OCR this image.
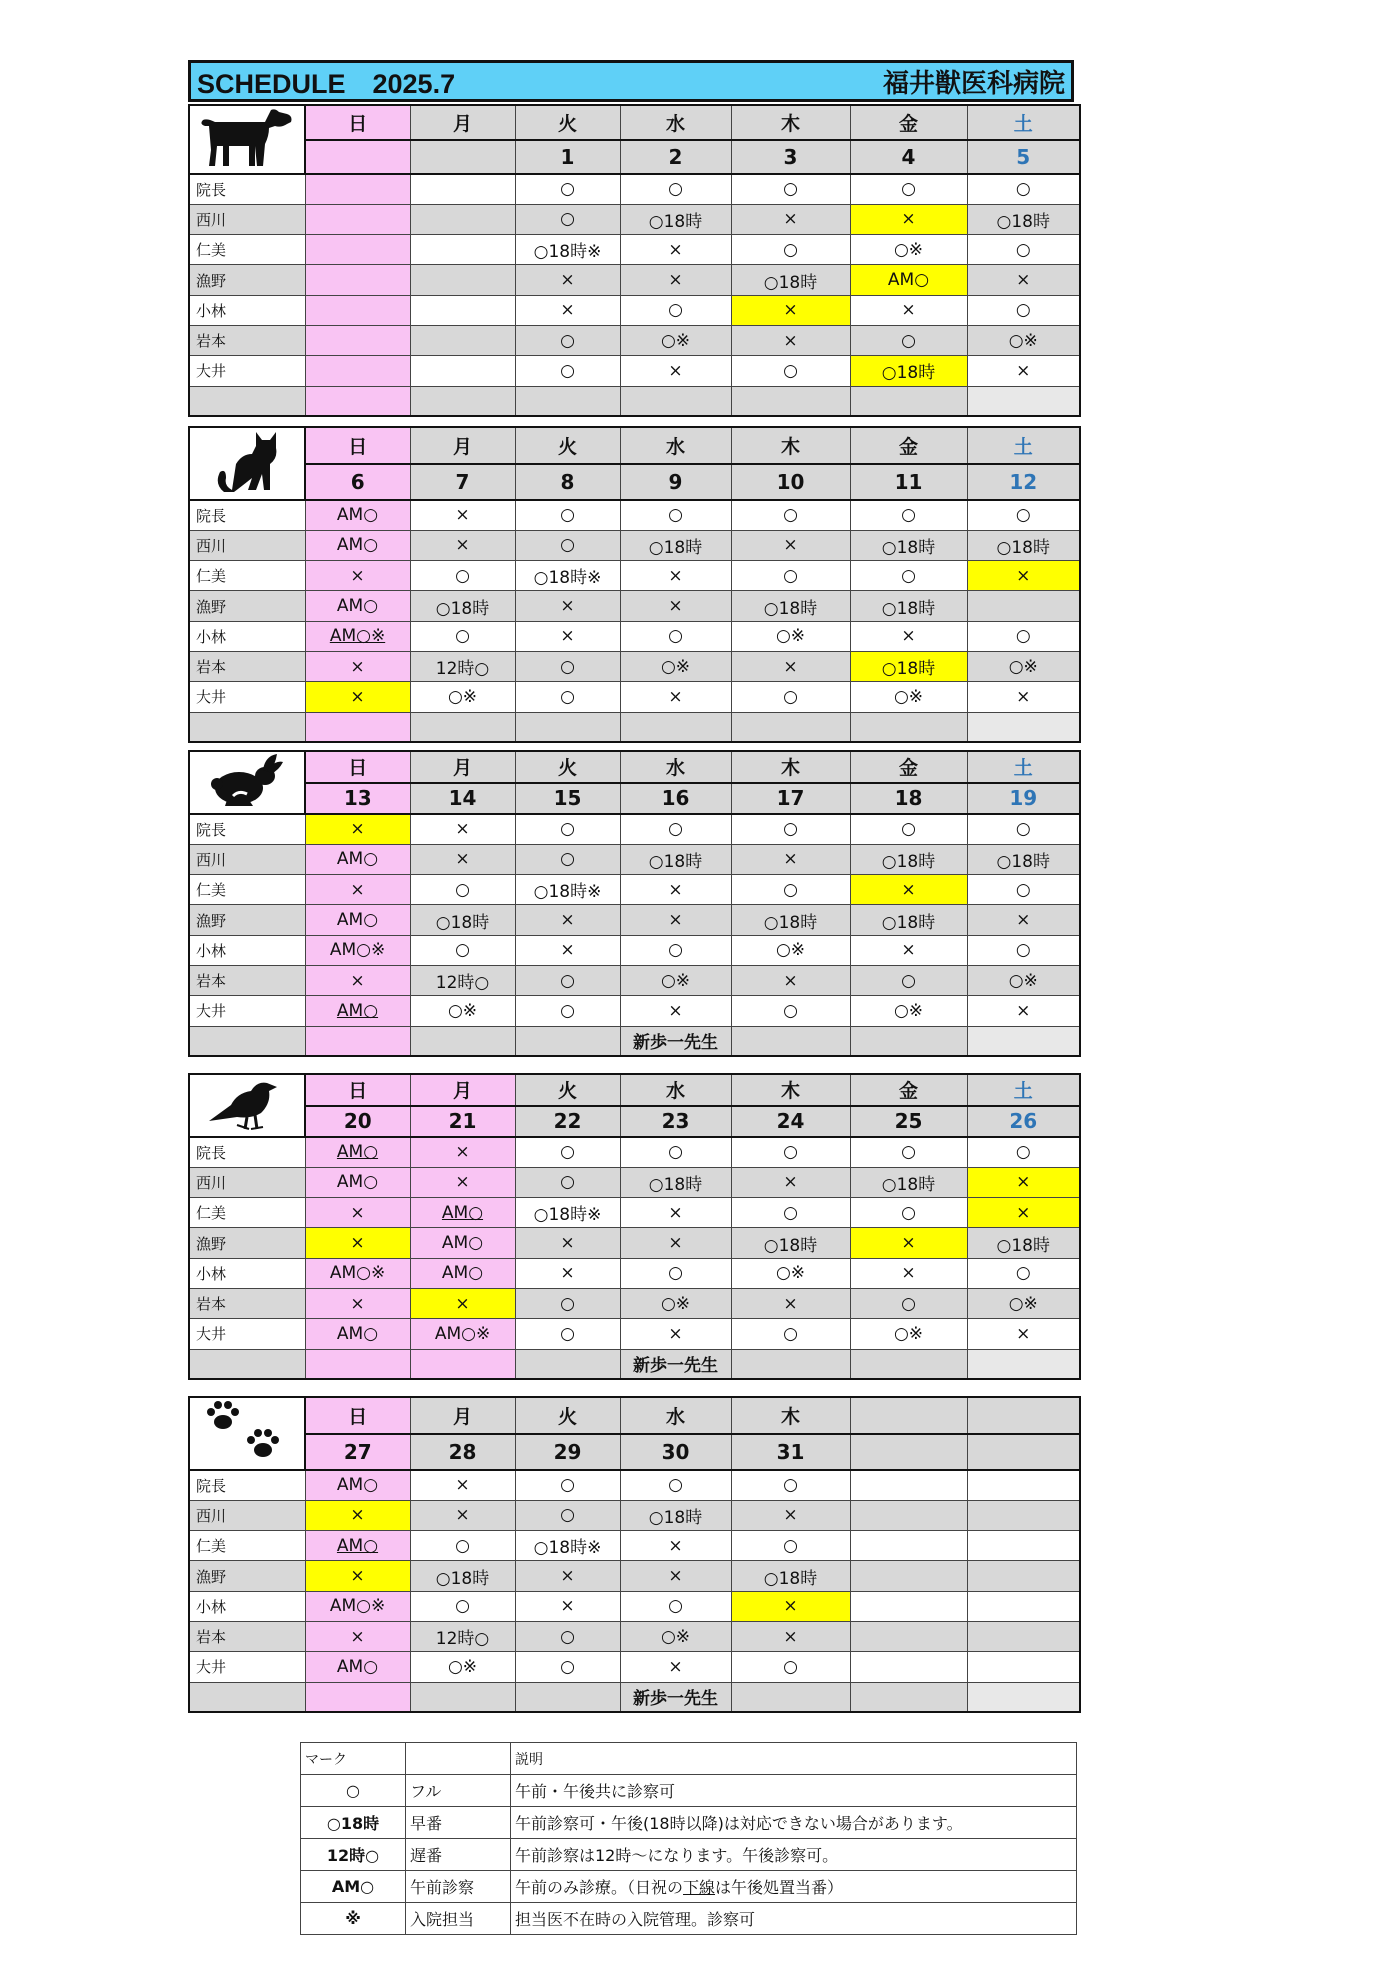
SCHEDULE　2025.7	福井獣医科病院
	日	月	火	水	木	金	土
			1	2	3	4	5
院長			○	○	○	○	○
西川			○	○18時	×	×	○18時
仁美			○18時※	×	○	○※	○
漁野			×	×	○18時	AM○	×
小林			×	○	×	×	○
岩本			○	○※	×	○	○※
大井			○	×	○	○18時	×

	日	月	火	水	木	金	土
	6	7	8	9	10	11	12
院長	AM○	×	○	○	○	○	○
西川	AM○	×	○	○18時	×	○18時	○18時
仁美	×	○	○18時※	×	○	○	×
漁野	AM○	○18時	×	×	○18時	○18時	
小林	AM○※	○	×	○	○※	×	○
岩本	×	12時○	○	○※	×	○18時	○※
大井	×	○※	○	×	○	○※	×

	日	月	火	水	木	金	土
	13	14	15	16	17	18	19
院長	×	×	○	○	○	○	○
西川	AM○	×	○	○18時	×	○18時	○18時
仁美	×	○	○18時※	×	○	×	○
漁野	AM○	○18時	×	×	○18時	○18時	×
小林	AM○※	○	×	○	○※	×	○
岩本	×	12時○	○	○※	×	○	○※
大井	AM○	○※	○	×	○	○※	×
				新歩一先生			
	日	月	火	水	木	金	土
	20	21	22	23	24	25	26
院長	AM○	×	○	○	○	○	○
西川	AM○	×	○	○18時	×	○18時	×
仁美	×	AM○	○18時※	×	○	○	×
漁野	×	AM○	×	×	○18時	×	○18時
小林	AM○※	AM○	×	○	○※	×	○
岩本	×	×	○	○※	×	○	○※
大井	AM○	AM○※	○	×	○	○※	×
				新歩一先生			
	日	月	火	水	木		
	27	28	29	30	31		
院長	AM○	×	○	○	○		
西川	×	×	○	○18時	×		
仁美	AM○	○	○18時※	×	○		
漁野	×	○18時	×	×	○18時		
小林	AM○※	○	×	○	×		
岩本	×	12時○	○	○※	×		
大井	AM○	○※	○	×	○		
				新歩一先生			
マーク		説明
○	フル	午前・午後共に診察可
○18時	早番	午前診察可・午後(18時以降)は対応できない場合があります。
12時○	遅番	午前診察は12時～になります。午後診察可。
AM○	午前診察	午前のみ診療。（日祝の下線は午後処置当番）
※	入院担当	担当医不在時の入院管理。診察可
